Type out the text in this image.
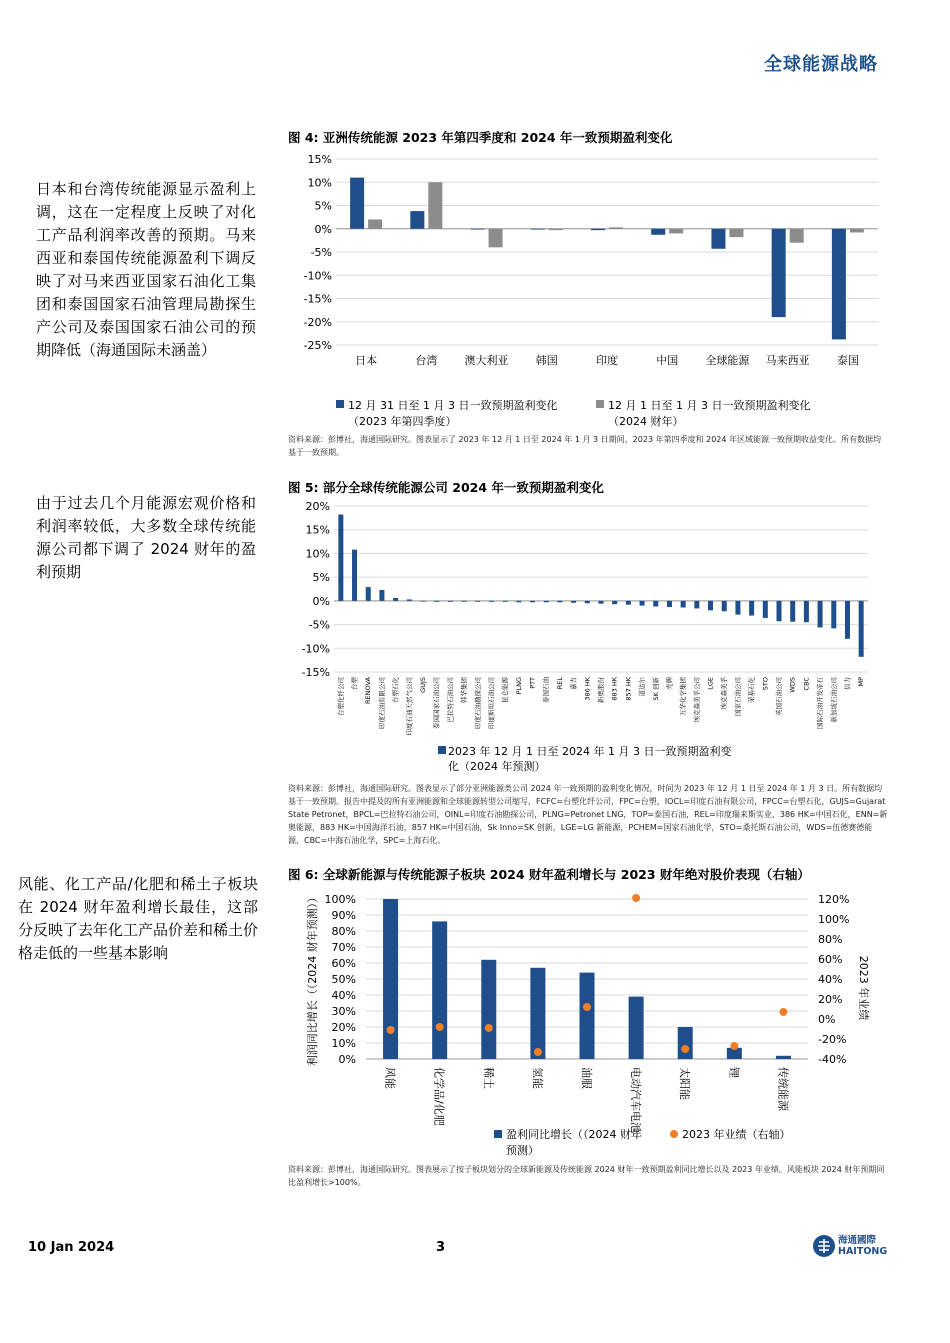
全球能源战略
日本和台湾传统能源显示盈利上调，这在一定程度上反映了对化工产品利润率改善的预期。马来西亚和泰国传统能源盈利下调反映了对马来西亚国家石油化工集团和泰国国家石油管理局勘探生产公司及泰国国家石油公司的预期降低（海通国际未涵盖）
由于过去几个月能源宏观价格和利润率较低，大多数全球传统能源公司都下调了 2024 财年的盈利预期
风能、化工产品/化肥和稀土子板块在 2024 财年盈利增长最佳，这部分反映了去年化工产品价差和稀土价格走低的一些基本影响
图 4: 亚洲传统能源 2023 年第四季度和 2024 年一致预期盈利变化
15%
10%
5%
0%
-5%
-10%
-15%
-20%
-25%
日本	台湾 澳大利亚 韩国	印度	中国 全球能源 马来西亚 泰国
12 月 31 日至 1 月 3 日一致预期盈利变化
（2023 年第四季度）
12 月 1 日至 1 月 3 日一致预期盈利变化
（2024 财年）
资料来源：彭博社，海通国际研究。图表显示了 2023 年 12 月 1 日至 2024 年 1 月 3 日期间、2023 年第四季度和 2024 年区域能源一致预期收益变化。所有数据均基于一致预期。
图 5: 部分全球传统能源公司 2024 年一致预期盈利变化
20%
15%
10%
5%
0%
-5%
-10%
-15%
台塑化纤公司 台塑 RENOVA 印度石油有限公司 台塑石化 印度石油天然气公司 GUJS 泰国国家石油公司 巴拉特石油公司 韩华集团 印度石油勘探公司 印度斯坦石油公司 昆仑能源 PLNG PTT 泰国石油 REL 嘉吉 386 HK 新奥股份 883 HK 857 HK 道达尔 SK 创新 壳牌 万华化学集团 埃克森美孚公司 LGE 埃克森美孚 国家石油公司 荣基石化 STO 英国石油公司 WDS CBC 国际石油开发帝石 新加坡石油公司 信力 MP
2023 年 12 月 1 日至 2024 年 1 月 3 日一致预期盈利变
化（2024 年预测）
资料来源：彭博社，海通国际研究。图表显示了部分亚洲能源类公司 2024 年一致预期的盈利变化情况，时间为 2023 年 12 月 1 日至 2024 年 1 月 3 日。所有数据均基于一致预期。报告中提及的所有亚洲能源和全球能源转型公司缩写，FCFC=台塑化纤公司，FPC=台塑，IOCL=印度石油有限公司，FPCC=台塑石化，GUJS=Gujarat State Petronet，BPCL=巴拉特石油公司，OINL=印度石油勘探公司，PLNG=Petronet LNG，TOP=泰国石油，REL=印度瑞来斯实业，386 HK=中国石化，ENN=新奥能源，883 HK=中国海洋石油，857 HK=中国石油，Sk Inno=SK 创新，LGE=LG 新能源，PCHEM=国家石油化学，STO=桑托斯石油公司，WDS=伍德赛德能源，CBC=中海石油化学，SPC=上海石化。
图 6: 全球新能源与传统能源子板块 2024 财年盈利增长与 2023 财年绝对股价表现（右轴）
100%
90%
80%
70%
60%
50%
40%
30%
20%
10%
0%
120%
100%
80%
60%
40%
20%
0%
-20%
-40%
利润同比增长（（2024 财年预测））	2023 年业绩
风能	化学品/化肥	稀土	氢能	油服	电动汽车电池	太阳能	锂	传统能源
盈利同比增长（（2024 财年
预测）
2023 年业绩（右轴）
资料来源：彭博社，海通国际研究。图表展示了按子板块划分的全球新能源及传统能源 2024 财年一致预期盈利同比增长以及 2023 年业绩。风能板块 2024 财年预期同比盈利增长>100%。
10 Jan 2024	3	海通國際
HAITONG
